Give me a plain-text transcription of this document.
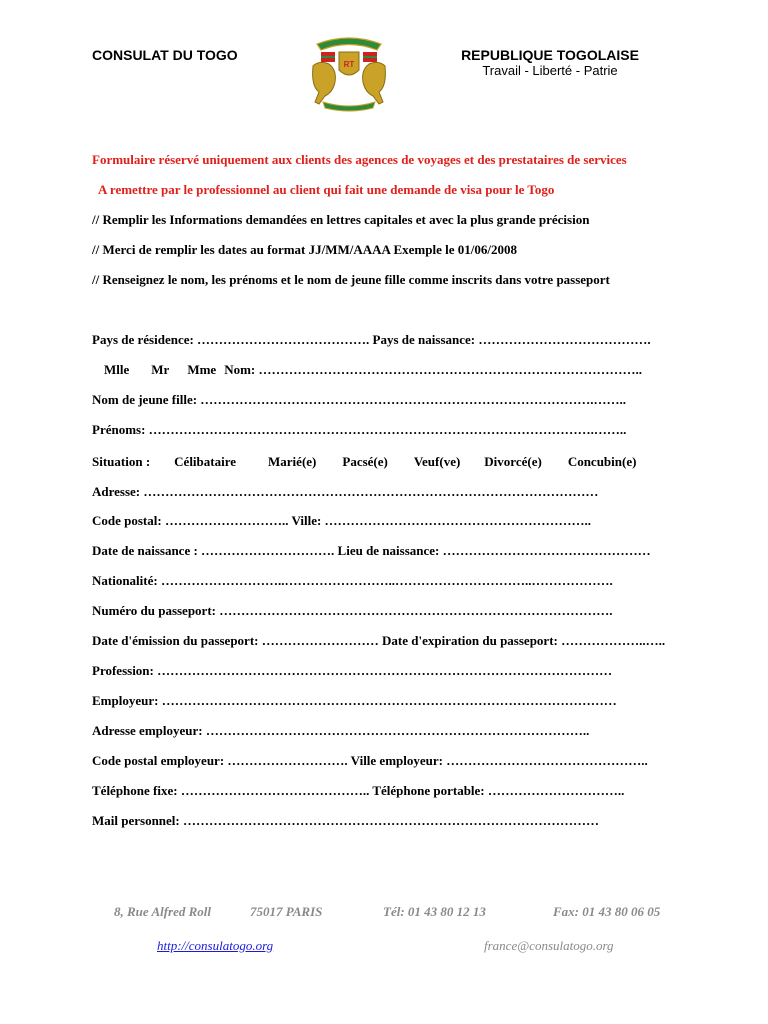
CONSULAT DU TOGO
RT
REPUBLIQUE TOGOLAISE
Travail - Liberté - Patrie
Formulaire réservé uniquement aux clients des agences de voyages et des prestataires de services
A remettre par le professionnel au client qui fait une demande de visa pour le Togo
// Remplir les Informations demandées en lettres capitales et avec la plus grande précision
// Merci de remplir les dates au format JJ/MM/AAAA Exemple le 01/06/2008
// Renseignez le nom, les prénoms et le nom de jeune fille comme inscrits dans votre passeport
Pays de résidence: …………………………………. Pays de naissance: ………………………………….
Mlle Mr Mme Nom: ……………………………………………………………………………..
Nom de jeune fille: ……………………………………………………………………………….……..
Prénoms: ………………………………………………………………………………………….……..
Situation : Célibataire Marié(e) Pacsé(e) Veuf(ve) Divorcé(e) Concubin(e)
Adresse: ……………………………………………………………………………………………
Code postal: ……………………….. Ville: ……………………………………………………..
Date de naissance : …………………………. Lieu de naissance: …………………………………………
Nationalité: ………………………..……………………..…………………………..……………….
Numéro du passeport: ……………………………………………………………………………….
Date d'émission du passeport: ……………………… Date d'expiration du passeport: ………………..…..
Profession: ……………………………………………………………………………………………
Employeur: ……………………………………………………………………………………………
Adresse employeur: ……………………………………………………………………………..
Code postal employeur: ………………………. Ville employeur: ………………………………………..
Téléphone fixe: …………………………………….. Téléphone portable: …………………………..
Mail personnel: ……………………………………………………………………………………
8, Rue Alfred Roll	75017 PARIS	Tél: 01 43 80 12 13	Fax: 01 43 80 06 05
http://consulatogo.org	france@consulatogo.org
